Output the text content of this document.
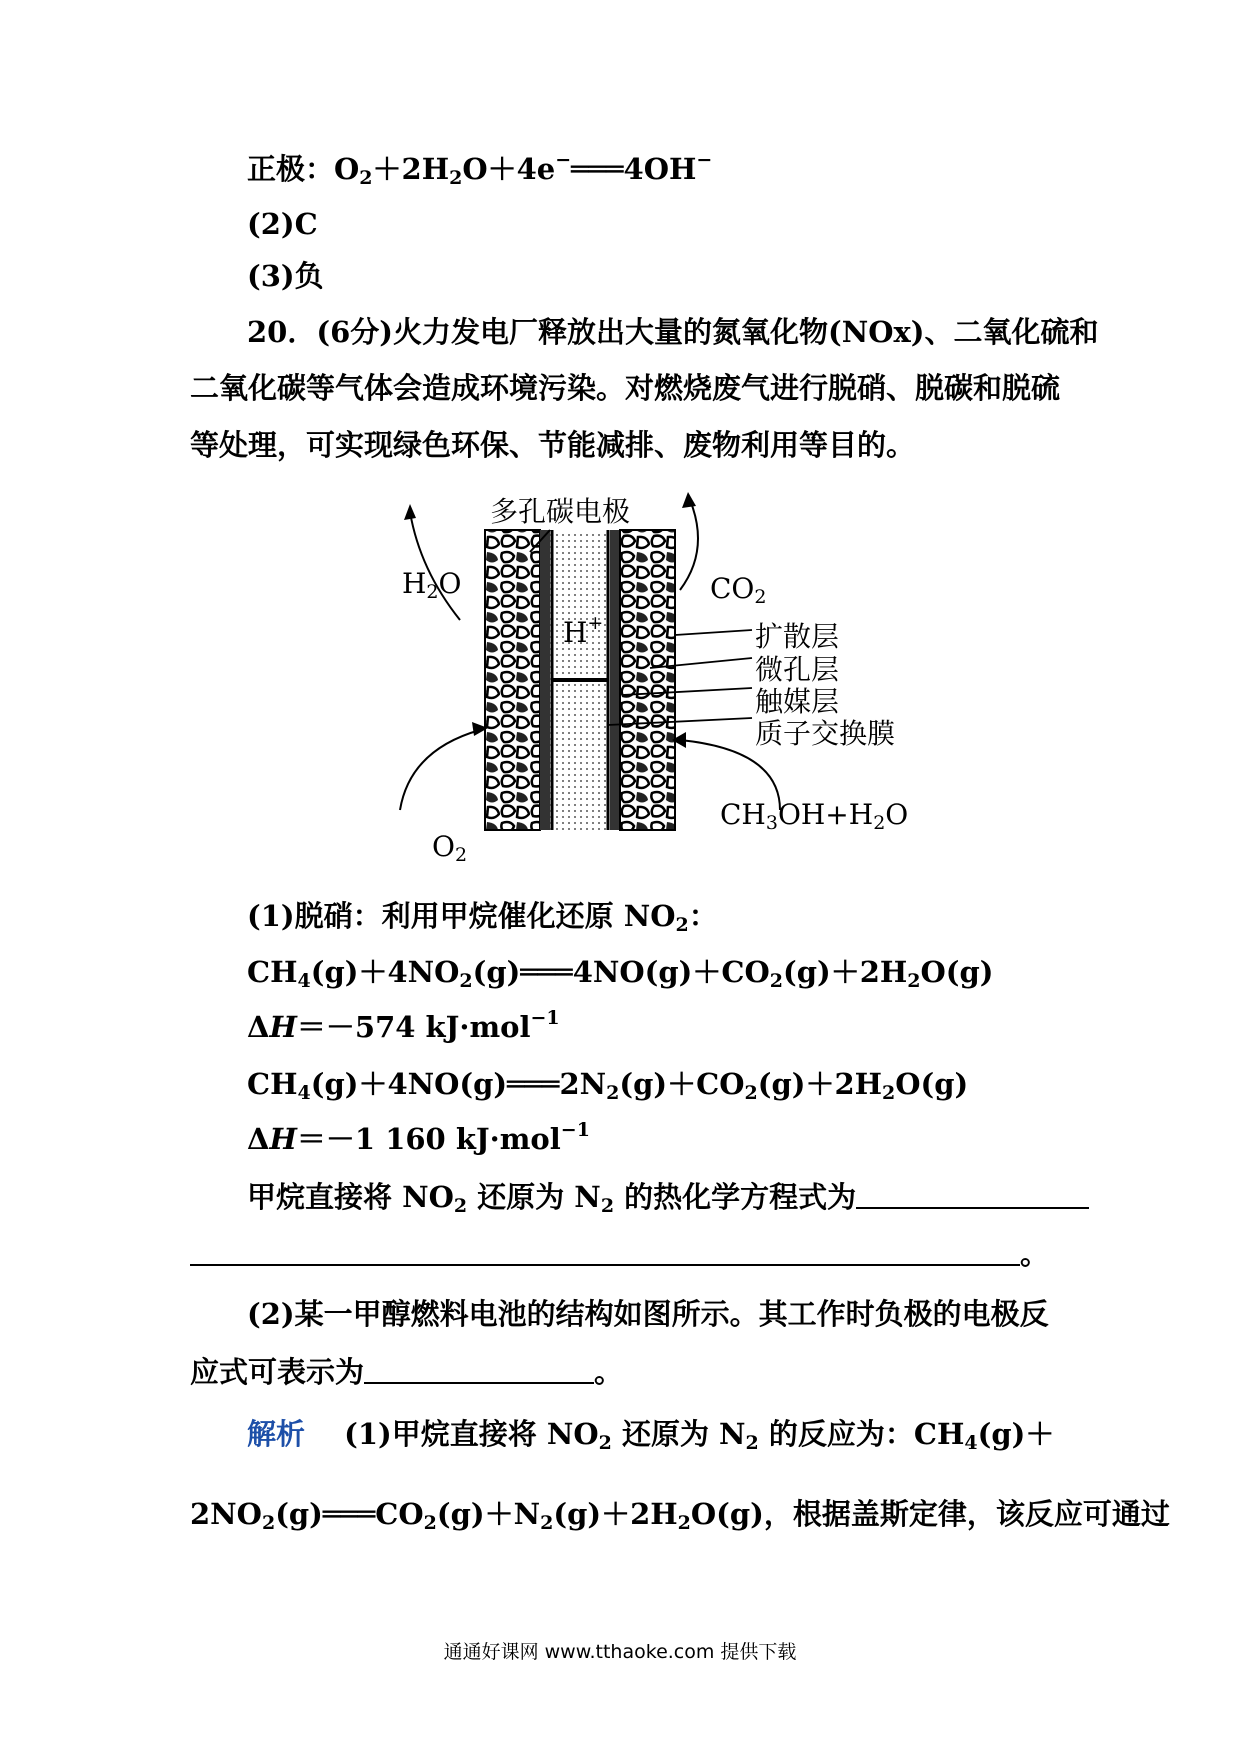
正极：$O_2+2H_2O+4e^-═══4OH^-$
(2)C
(3)负
20．(6分)火力发电厂释放出大量的氮氧化物(NOx)、二氧化硫和
二氧化碳等气体会造成环境污染。对燃烧废气进行脱硝、脱碳和脱硫
等处理，可实现绿色环保、节能减排、废物利用等目的。
多孔碳电极
$H_2O$	$CO_2$
H+	扩散层
微孔层
触媒层
质子交换膜
$CH_3OH+H_2O$
$O_2$
(1)脱硝：利用甲烷催化还原 $NO_2$：
$CH_4(g)+4NO_2(g)═══4NO(g)+CO_2(g)+2H_2O(g)$
ΔH＝－574 kJ·mol$^{-1}$
$CH_4(g)+4NO(g)═══2N_2(g)+CO_2(g)+2H_2O(g)$
ΔH＝－1 160 kJ·mol$^{-1}$
甲烷直接将 $NO_2$ 还原为 $N_2$ 的热化学方程式为
。
(2)某一甲醇燃料电池的结构如图所示。其工作时负极的电极反
应式可表示为	。
解析　 (1)甲烷直接将 $NO_2$ 还原为 $N_2$ 的反应为：$CH_4(g)+$
$2NO_2(g)═══CO_2(g)+N_2(g)+2H_2O(g)$，根据盖斯定律，该反应可通过
通通好课网 www.tthaoke.com 提供下载
